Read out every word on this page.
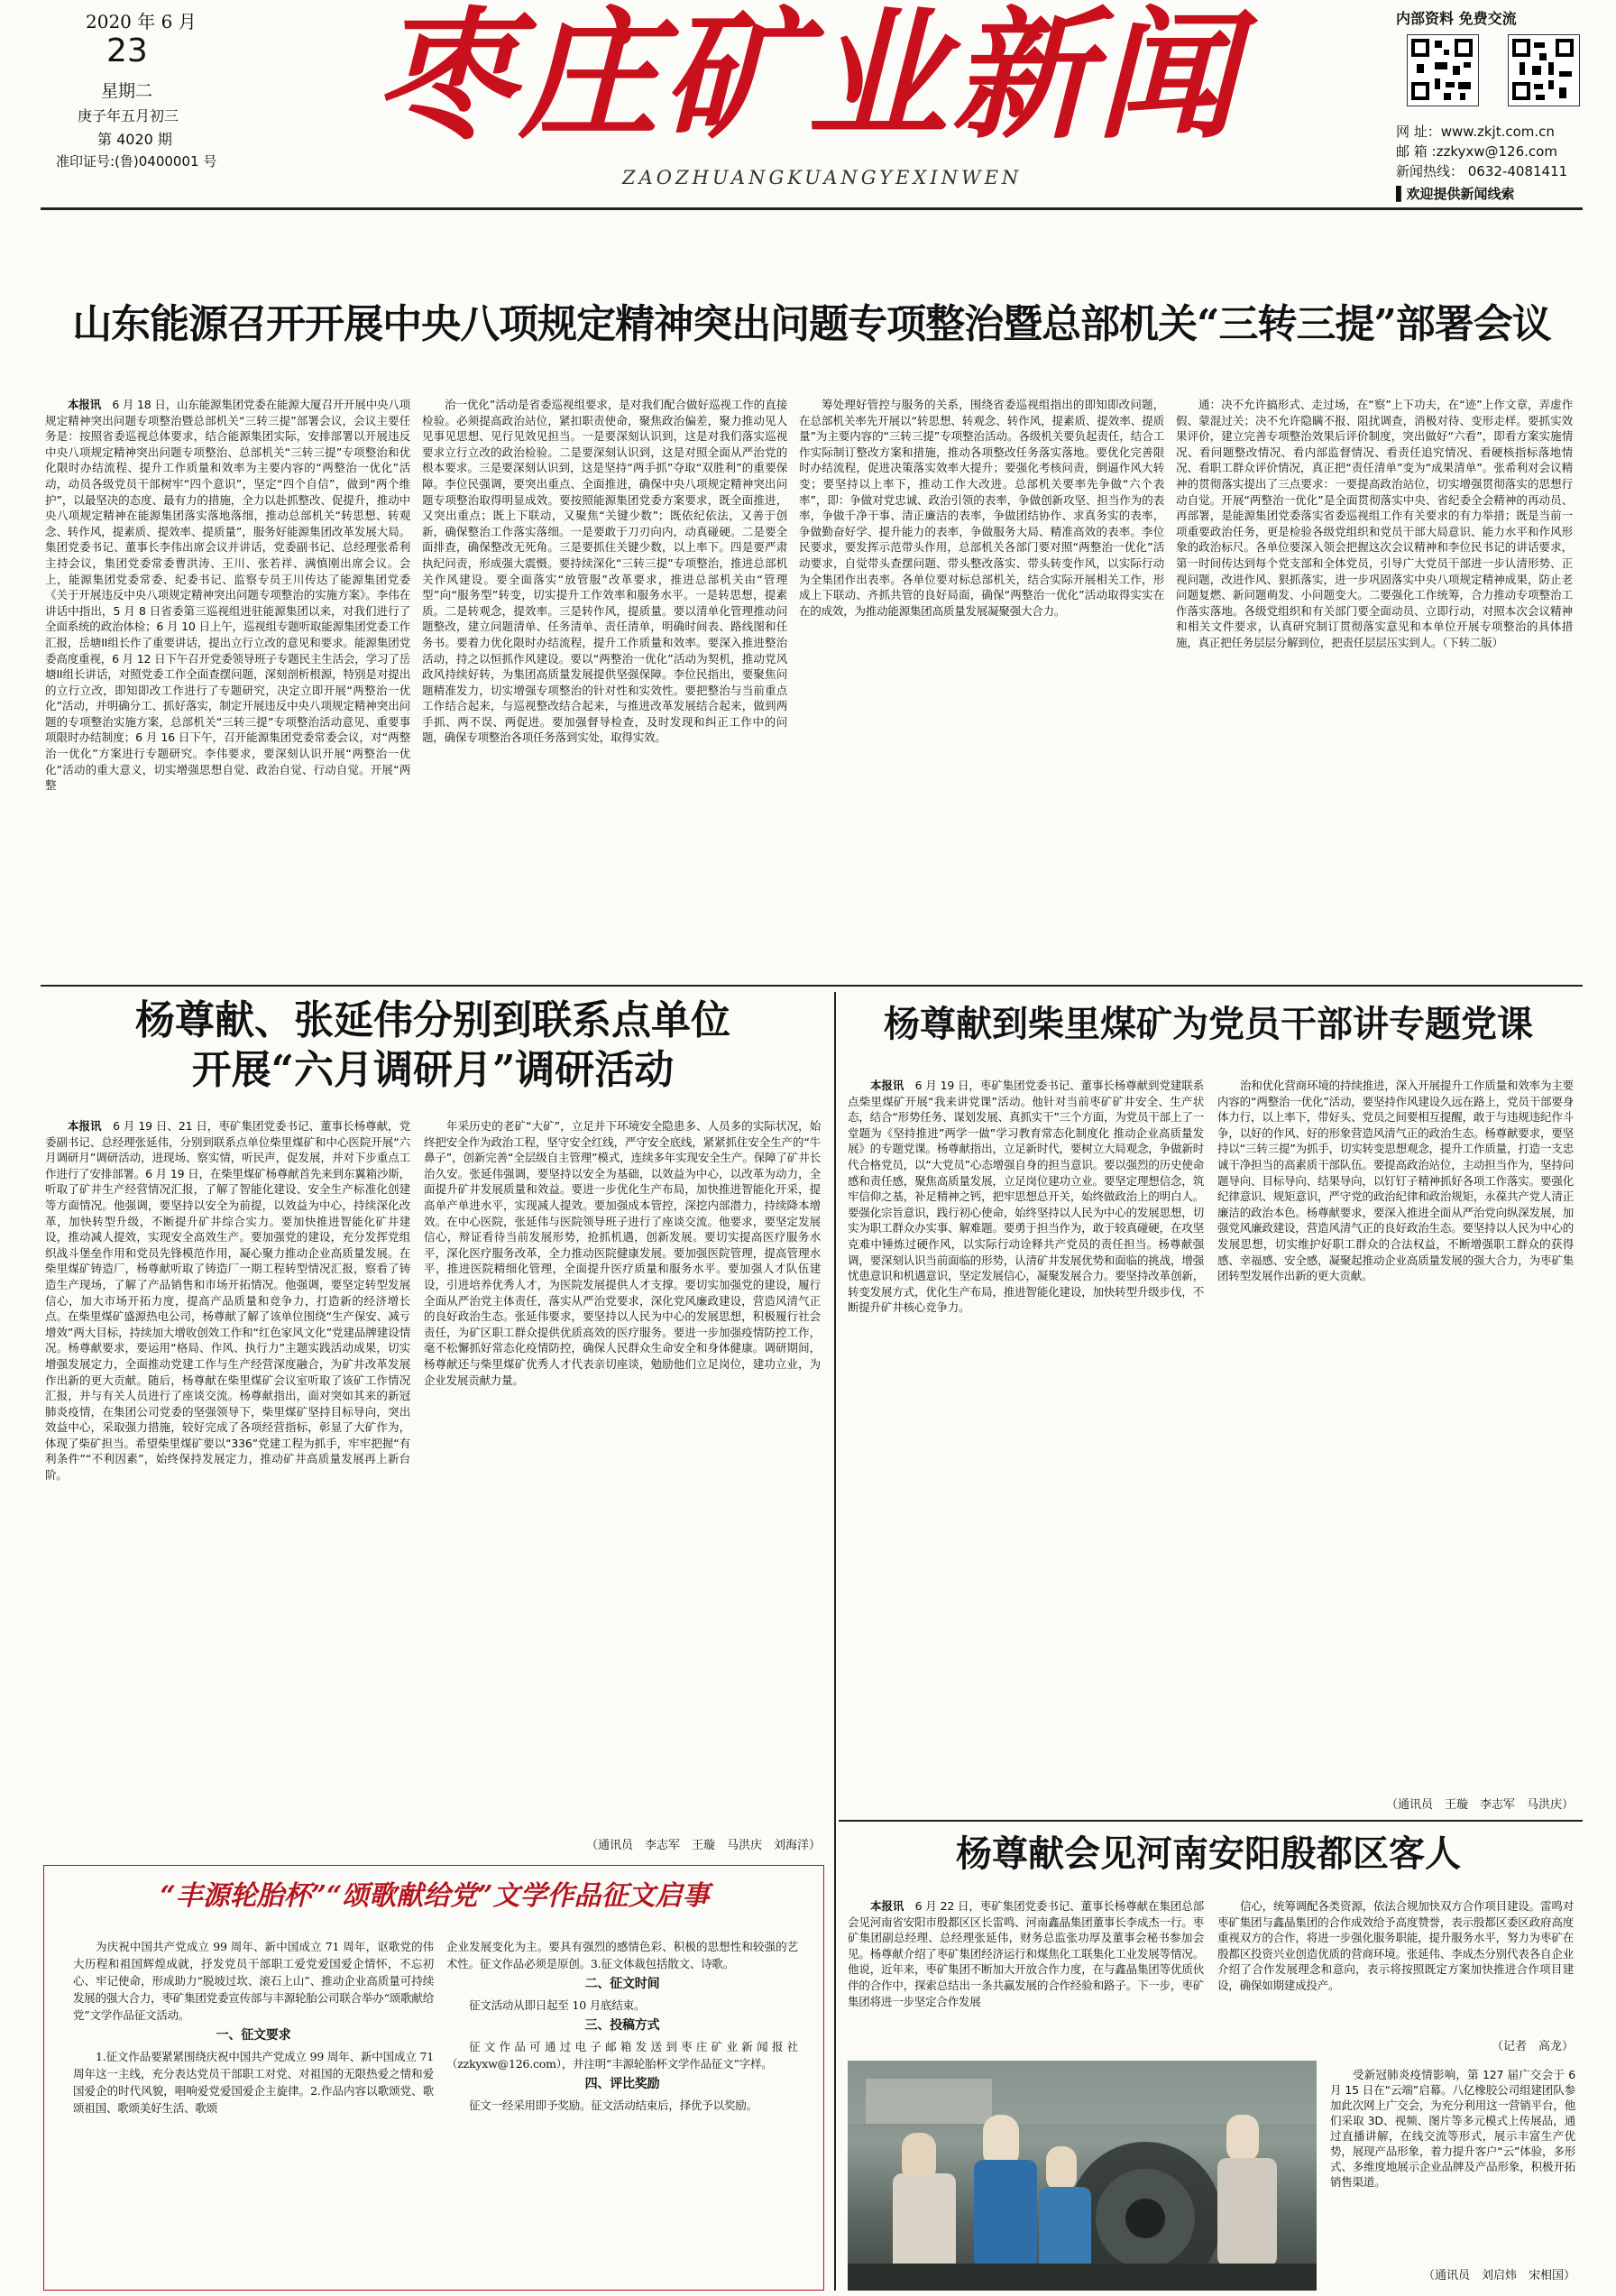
2020 年 6 月
23
星期二
庚子年五月初三
第 4020 期
准印证号:(鲁)0400001 号
枣庄矿业新闻
ZAOZHUANGKUANGYEXINWEN
内部资料 免费交流
网 址：www.zkjt.com.cn
邮 箱 :zzkyxw@126.com
新闻热线： 0632-4081411
▌欢迎提供新闻线索
山东能源召开开展中央八项规定精神突出问题专项整治暨总部机关“三转三提”部署会议

本报讯　 6 月 18 日，山东能源集团党委在能源大厦召开开展中央八项规定精神突出问题专项整治暨总部机关“三转三提”部署会议，会议主要任务是：按照省委巡视总体要求，结合能源集团实际，安排部署以开展违反中央八项规定精神突出问题专项整治、总部机关“三转三提”专项整治和优化限时办结流程、提升工作质量和效率为主要内容的“两整治一优化”活动，动员各级党员干部树牢“四个意识”，坚定“四个自信”，做到“两个维护”，以最坚决的态度、最有力的措施，全力以赴抓整改、促提升，推动中央八项规定精神在能源集团落实落地落细，推动总部机关“转思想、转观念、转作风，提素质、提效率、提质量”，服务好能源集团改革发展大局。集团党委书记、董事长李伟出席会议并讲话，党委副书记、总经理张希利主持会议，集团党委常委曹洪涛、王川、张若祥、满慎刚出席会议。会上，能源集团党委常委、纪委书记、监察专员王川传达了能源集团党委《关于开展违反中央八项规定精神突出问题专项整治的实施方案》。李伟在讲话中指出，5 月 8 日省委第三巡视组进驻能源集团以来，对我们进行了全面系统的政治体检；6 月 10 日上午，巡视组专题听取能源集团党委工作汇报，岳塘II组长作了重要讲话，提出立行立改的意见和要求。能源集团党委高度重视，6 月 12 日下午召开党委领导班子专题民主生活会，学习了岳塘II组长讲话，对照党委工作全面查摆问题，深刻剖析根源，特别是对提出的立行立改，即知即改工作进行了专题研究，决定立即开展“两整治一优化”活动，并明确分工、抓好落实，制定开展违反中央八项规定精神突出问题的专项整治实施方案，总部机关“三转三提”专项整治活动意见、重要事项限时办结制度；6 月 16 日下午，召开能源集团党委常委会议，对“两整治一优化”方案进行专题研究。李伟要求，要深刻认识开展“两整治一优化”活动的重大意义，切实增强思想自觉、政治自觉、行动自觉。开展“两整

治一优化”活动是省委巡视组要求，是对我们配合做好巡视工作的直接检验。必须提高政治站位，紧扣职责使命，聚焦政治偏差，聚力推动见人见事见思想、见行见效见担当。一是要深刻认识到，这是对我们落实巡视要求立行立改的政治检验。二是要深刻认识到，这是对照全面从严治党的根本要求。三是要深刻认识到，这是坚持“两手抓”夺取“双胜利”的重要保障。李位民强调，要突出重点、全面推进，确保中央八项规定精神突出问题专项整治取得明显成效。要按照能源集团党委方案要求，既全面推进，又突出重点；既上下联动，又聚焦“关键少数”；既依纪依法，又善于创新，确保整治工作落实落细。一是要敢于刀刃向内，动真碰硬。二是要全面排查，确保整改无死角。三是要抓住关键少数，以上率下。四是要严肃执纪问责，形成强大震慑。要持续深化“三转三提”专项整治，推进总部机关作风建设。要全面落实“放管服”改革要求，推进总部机关由“管理型”向“服务型”转变，切实提升工作效率和服务水平。一是转思想，提素质。二是转观念，提效率。三是转作风，提质量。要以清单化管理推动问题整改，建立问题清单、任务清单、责任清单，明确时间表、路线图和任务书。要着力优化限时办结流程，提升工作质量和效率。要深入推进整治活动，持之以恒抓作风建设。要以“两整治一优化”活动为契机，推动党风政风持续好转，为集团高质量发展提供坚强保障。李位民指出，要聚焦问题精准发力，切实增强专项整治的针对性和实效性。要把整治与当前重点工作结合起来，与巡视整改结合起来，与推进改革发展结合起来，做到两手抓、两不误、两促进。要加强督导检查，及时发现和纠正工作中的问题，确保专项整治各项任务落到实处，取得实效。

筹处理好管控与服务的关系，围绕省委巡视组指出的即知即改问题，在总部机关率先开展以“转思想、转观念、转作风，提素质、提效率、提质量”为主要内容的“三转三提”专项整治活动。各级机关要负起责任，结合工作实际制订整改方案和措施，推动各项整改任务落实落地。要优化完善限时办结流程，促进决策落实效率大提升；要强化考核问责，倒逼作风大转变；要坚持以上率下，推动工作大改进。总部机关要率先争做“六个表率”，即：争做对党忠诚、政治引领的表率，争做创新攻坚、担当作为的表率，争做千净干事、清正廉洁的表率，争做团结协作、求真务实的表率，争做勤奋好学、提升能力的表率，争做服务大局、精准高效的表率。李位民要求，要发挥示范带头作用，总部机关各部门要对照“两整治一优化”活动要求，自觉带头查摆问题、带头整改落实、带头转变作风，以实际行动为全集团作出表率。各单位要对标总部机关，结合实际开展相关工作，形成上下联动、齐抓共管的良好局面，确保“两整治一优化”活动取得实实在在的成效，为推动能源集团高质量发展凝聚强大合力。

通：决不允许搞形式、走过场，在“察”上下功夫，在“迹”上作文章，弄虚作假、蒙混过关；决不允许隐瞒不报、阻扰调查，消极对待、变形走样。要抓实效果评价，建立完善专项整治效果后评价制度，突出做好“六看”，即看方案实施情况、看问题整改情况、看内部监督情况、看责任追究情况、看硬核指标落地情况、看职工群众评价情况，真正把“责任清单”变为“成果清单”。张希利对会议精神的贯彻落实提出了三点要求：一要提高政治站位，切实增强贯彻落实的思想行动自觉。开展“两整治一优化”是全面贯彻落实中央、省纪委全会精神的再动员、再部署，是能源集团党委落实省委巡视组工作有关要求的有力举措；既是当前一项重要政治任务，更是检验各级党组织和党员干部大局意识、能力水平和作风形象的政治标尺。各单位要深入领会把握这次会议精神和李位民书记的讲话要求，第一时间传达到每个党支部和全体党员，引导广大党员干部进一步认清形势、正视问题，改进作风、狠抓落实，进一步巩固落实中央八项规定精神成果，防止老问题复燃、新问题萌发、小问题变大。二要强化工作统筹，合力推动专项整治工作落实落地。各级党组织和有关部门要全面动员、立即行动，对照本次会议精神和相关文件要求，认真研究制订贯彻落实意见和本单位开展专项整治的具体措施，真正把任务层层分解到位，把责任层层压实到人。（下转二版）

杨尊献、张延伟分别到联系点单位
开展“六月调研月”调研活动

本报讯　 6 月 19 日、21 日，枣矿集团党委书记、董事长杨尊献，党委副书记、总经理张延伟，分别到联系点单位柴里煤矿和中心医院开展“六月调研月”调研活动，进现场、察实情，听民声，促发展，并对下步重点工作进行了安排部署。6 月 19 日，在柴里煤矿杨尊献首先来到东翼箱沙斯，听取了矿井生产经营情况汇报，了解了智能化建设、安全生产标准化创建等方面情况。他强调，要坚持以安全为前提，以效益为中心，持续深化改革，加快转型升级，不断提升矿井综合实力。要加快推进智能化矿井建设，推动减人提效，实现安全高效生产。要加强党的建设，充分发挥党组织战斗堡垒作用和党员先锋模范作用，凝心聚力推动企业高质量发展。在柴里煤矿铸造厂，杨尊献听取了铸造厂一期工程转型情况汇报，察看了铸造生产现场，了解了产品销售和市场开拓情况。他强调，要坚定转型发展信心，加大市场开拓力度，提高产品质量和竞争力，打造新的经济增长点。在柴里煤矿盛源热电公司，杨尊献了解了该单位围绕“生产保安、减亏增效”两大目标，持续加大增收创效工作和“红色家风文化”党建品牌建设情况。杨尊献要求，要运用“格局、作风、执行力”主题实践活动成果，切实增强发展定力，全面推动党建工作与生产经营深度融合，为矿井改革发展作出新的更大贡献。随后，杨尊献在柴里煤矿会议室听取了该矿工作情况汇报，并与有关人员进行了座谈交流。杨尊献指出，面对突如其来的新冠肺炎疫情，在集团公司党委的坚强领导下，柴里煤矿坚持目标导向，突出效益中心，采取强力措施，较好完成了各项经营指标，彰显了大矿作为，体现了柴矿担当。希望柴里煤矿要以“336”党建工程为抓手，牢牢把握“有利条件”“不利因素”，始终保持发展定力，推动矿井高质量发展再上新台阶。

年采历史的老矿“大矿”，立足并下环境安全隐患多、人员多的实际状况，始终把安全作为政治工程，坚守安全红线，严守安全底线，紧紧抓住安全生产的“牛鼻子”，创新完善“全层级自主管理”模式，连续多年实现安全生产。保障了矿井长治久安。张延伟强调，要坚持以安全为基础，以效益为中心，以改革为动力，全面提升矿井发展质量和效益。要进一步优化生产布局，加快推进智能化开采，提高单产单进水平，实现减人提效。要加强成本管控，深挖内部潜力，持续降本增效。在中心医院，张延伟与医院领导班子进行了座谈交流。他要求，要坚定发展信心，辩证看待当前发展形势，抢抓机遇，创新发展。要切实提高医疗服务水平，深化医疗服务改革，全力推动医院健康发展。要加强医院管理，提高管理水平，推进医院精细化管理，全面提升医疗质量和服务水平。要加强人才队伍建设，引进培养优秀人才，为医院发展提供人才支撑。要切实加强党的建设，履行全面从严治党主体责任，落实从严治党要求，深化党风廉政建设，营造风清气正的良好政治生态。张延伟要求，要坚持以人民为中心的发展思想，积极履行社会责任，为矿区职工群众提供优质高效的医疗服务。要进一步加强疫情防控工作，毫不松懈抓好常态化疫情防控，确保人民群众生命安全和身体健康。调研期间，杨尊献还与柴里煤矿优秀人才代表亲切座谈，勉励他们立足岗位，建功立业，为企业发展贡献力量。

（通讯员　李志军　王璇　马洪庆　刘海洋）
杨尊献到柴里煤矿为党员干部讲专题党课

本报讯　 6 月 19 日，枣矿集团党委书记、董事长杨尊献到党建联系点柴里煤矿开展“我来讲党课”活动。他针对当前枣矿矿井安全、生产状态，结合“形势任务、谋划发展、真抓实干”三个方面，为党员干部上了一堂题为《坚持推进”两学一做”学习教育常态化制度化 推动企业高质量发展》的专题党课。杨尊献指出，立足新时代，要树立大局观念，争做新时代合格党员，以“大党员”心态增强自身的担当意识。要以强烈的历史使命感和责任感，聚焦高质量发展，立足岗位建功立业。要坚定理想信念，筑牢信仰之基，补足精神之钙，把牢思想总开关，始终做政治上的明白人。要强化宗旨意识，践行初心使命，始终坚持以人民为中心的发展思想，切实为职工群众办实事、解难题。要勇于担当作为，敢于较真碰硬，在攻坚克难中锤炼过硬作风，以实际行动诠释共产党员的责任担当。杨尊献强调，要深刻认识当前面临的形势，认清矿井发展优势和面临的挑战，增强忧患意识和机遇意识，坚定发展信心，凝聚发展合力。要坚持改革创新，转变发展方式，优化生产布局，推进智能化建设，加快转型升级步伐，不断提升矿井核心竞争力。

治和优化营商环境的持续推进，深入开展提升工作质量和效率为主要内容的“两整治一优化”活动，要坚持作风建设久远在路上，党员干部要身体力行，以上率下，带好头、党员之间要相互提醒，敢于与违规违纪作斗争，以好的作风、好的形象营造风清气正的政治生态。杨尊献要求，要坚持以“三转三提”为抓手，切实转变思想观念，提升工作质量，打造一支忠诚干净担当的高素质干部队伍。要提高政治站位，主动担当作为，坚持问题导向、目标导向、结果导向，以钉钉子精神抓好各项工作落实。要强化纪律意识、规矩意识，严守党的政治纪律和政治规矩，永葆共产党人清正廉洁的政治本色。杨尊献要求，要深入推进全面从严治党向纵深发展，加强党风廉政建设，营造风清气正的良好政治生态。要坚持以人民为中心的发展思想，切实维护好职工群众的合法权益，不断增强职工群众的获得感、幸福感、安全感，凝聚起推动企业高质量发展的强大合力，为枣矿集团转型发展作出新的更大贡献。

（通讯员　王璇　李志军　马洪庆）
杨尊献会见河南安阳殷都区客人

本报讯　 6 月 22 日，枣矿集团党委书记、董事长杨尊献在集团总部会见河南省安阳市殷都区区长雷鸣、河南鑫晶集团董事长李成杰一行。枣矿集团副总经理、总经理张延伟，财务总监张功厚及董事会秘书参加会见。杨尊献介绍了枣矿集团经济运行和煤焦化工联集化工业发展等情况。他说，近年来，枣矿集团不断加大开放合作力度，在与鑫晶集团等优质伙伴的合作中，探索总结出一条共赢发展的合作经验和路子。下一步，枣矿集团将进一步坚定合作发展

信心，统筹调配各类资源，依法合规加快双方合作项目建设。雷鸣对枣矿集团与鑫晶集团的合作成效给予高度赞誉，表示殷都区委区政府高度重视双方的合作，将进一步强化服务职能，提升服务水平，努力为枣矿在殷都区投资兴业创造优质的营商环境。张延伟、李成杰分别代表各自企业介绍了合作发展理念和意向，表示将按照既定方案加快推进合作项目建设，确保如期建成投产。

（记者　高龙）

受新冠肺炎疫情影响，第 127 届广交会于 6 月 15 日在“云端”启幕。八亿橡胶公司组建团队参加此次网上广交会，为充分利用这一营销平台，他们采取 3D、视频、图片等多元模式上传展品，通过直播讲解，在线交流等形式，展示丰富生产优势，展现产品形象，着力提升客户“云”体验，多形式、多维度地展示企业品牌及产品形象，积极开拓销售渠道。

（通讯员　刘启炜　宋相国）
“丰源轮胎杯”“颂歌献给党”文学作品征文启事

为庆祝中国共产党成立 99 周年、新中国成立 71 周年，讴歌党的伟大历程和祖国辉煌成就，抒发党员干部职工爱党爱国爱企情怀，不忘初心、牢记使命，形成助力“脱坡过坎、滚石上山”、推动企业高质量可持续发展的强大合力，枣矿集团党委宣传部与丰源轮胎公司联合举办“颂歌献给党”文学作品征文活动。

一、征文要求

1.征文作品要紧紧围绕庆祝中国共产党成立 99 周年、新中国成立 71 周年这一主线，充分表达党员干部职工对党、对祖国的无限热爱之情和爱国爱企的时代风貌，唱响爱党爱国爱企主旋律。2.作品内容以歌颂党、歌颂祖国、歌颂美好生活、歌颂

企业发展变化为主。要具有强烈的感情色彩、积极的思想性和较强的艺术性。征文作品必须是原创。3.征文体裁包括散文、诗歌。

二、征文时间

征文活动从即日起至 10 月底结束。

三、投稿方式

征文作品可通过电子邮箱发送到枣庄矿业新闻报社（zzkyxw@126.com），并注明“丰源轮胎杯文学作品征文”字样。

四、评比奖励

征文一经采用即予奖励。征文活动结束后，择优予以奖励。
